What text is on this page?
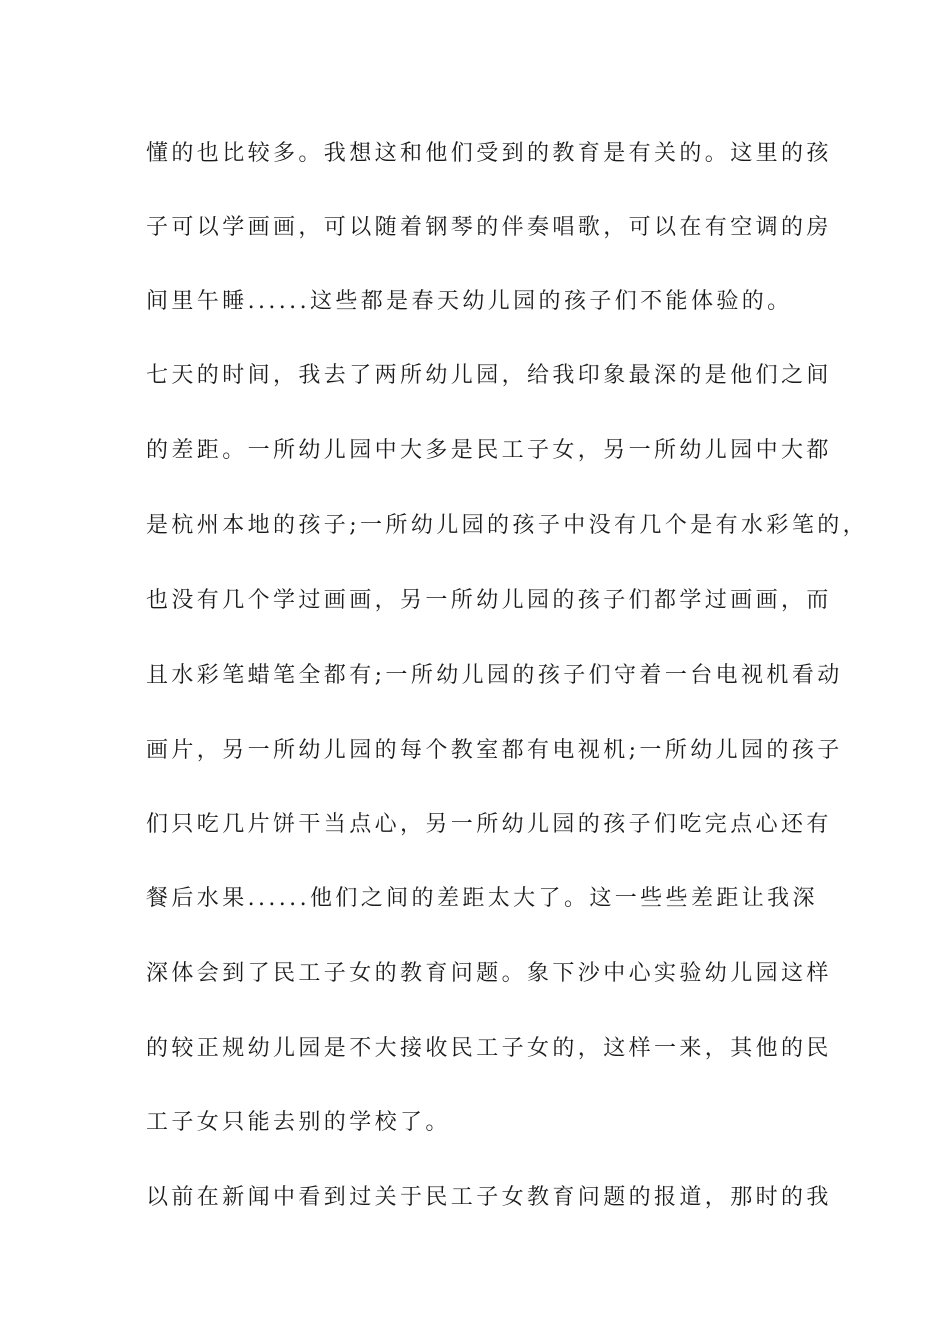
懂的也比较多。我想这和他们受到的教育是有关的。这里的孩
子可以学画画，可以随着钢琴的伴奏唱歌，可以在有空调的房
间里午睡......这些都是春天幼儿园的孩子们不能体验的。
七天的时间，我去了两所幼儿园，给我印象最深的是他们之间
的差距。一所幼儿园中大多是民工子女，另一所幼儿园中大都
是杭州本地的孩子;一所幼儿园的孩子中没有几个是有水彩笔的，
也没有几个学过画画，另一所幼儿园的孩子们都学过画画，而
且水彩笔蜡笔全都有;一所幼儿园的孩子们守着一台电视机看动
画片，另一所幼儿园的每个教室都有电视机;一所幼儿园的孩子
们只吃几片饼干当点心，另一所幼儿园的孩子们吃完点心还有
餐后水果......他们之间的差距太大了。这一些些差距让我深
深体会到了民工子女的教育问题。象下沙中心实验幼儿园这样
的较正规幼儿园是不大接收民工子女的，这样一来，其他的民
工子女只能去别的学校了。
以前在新闻中看到过关于民工子女教育问题的报道，那时的我
